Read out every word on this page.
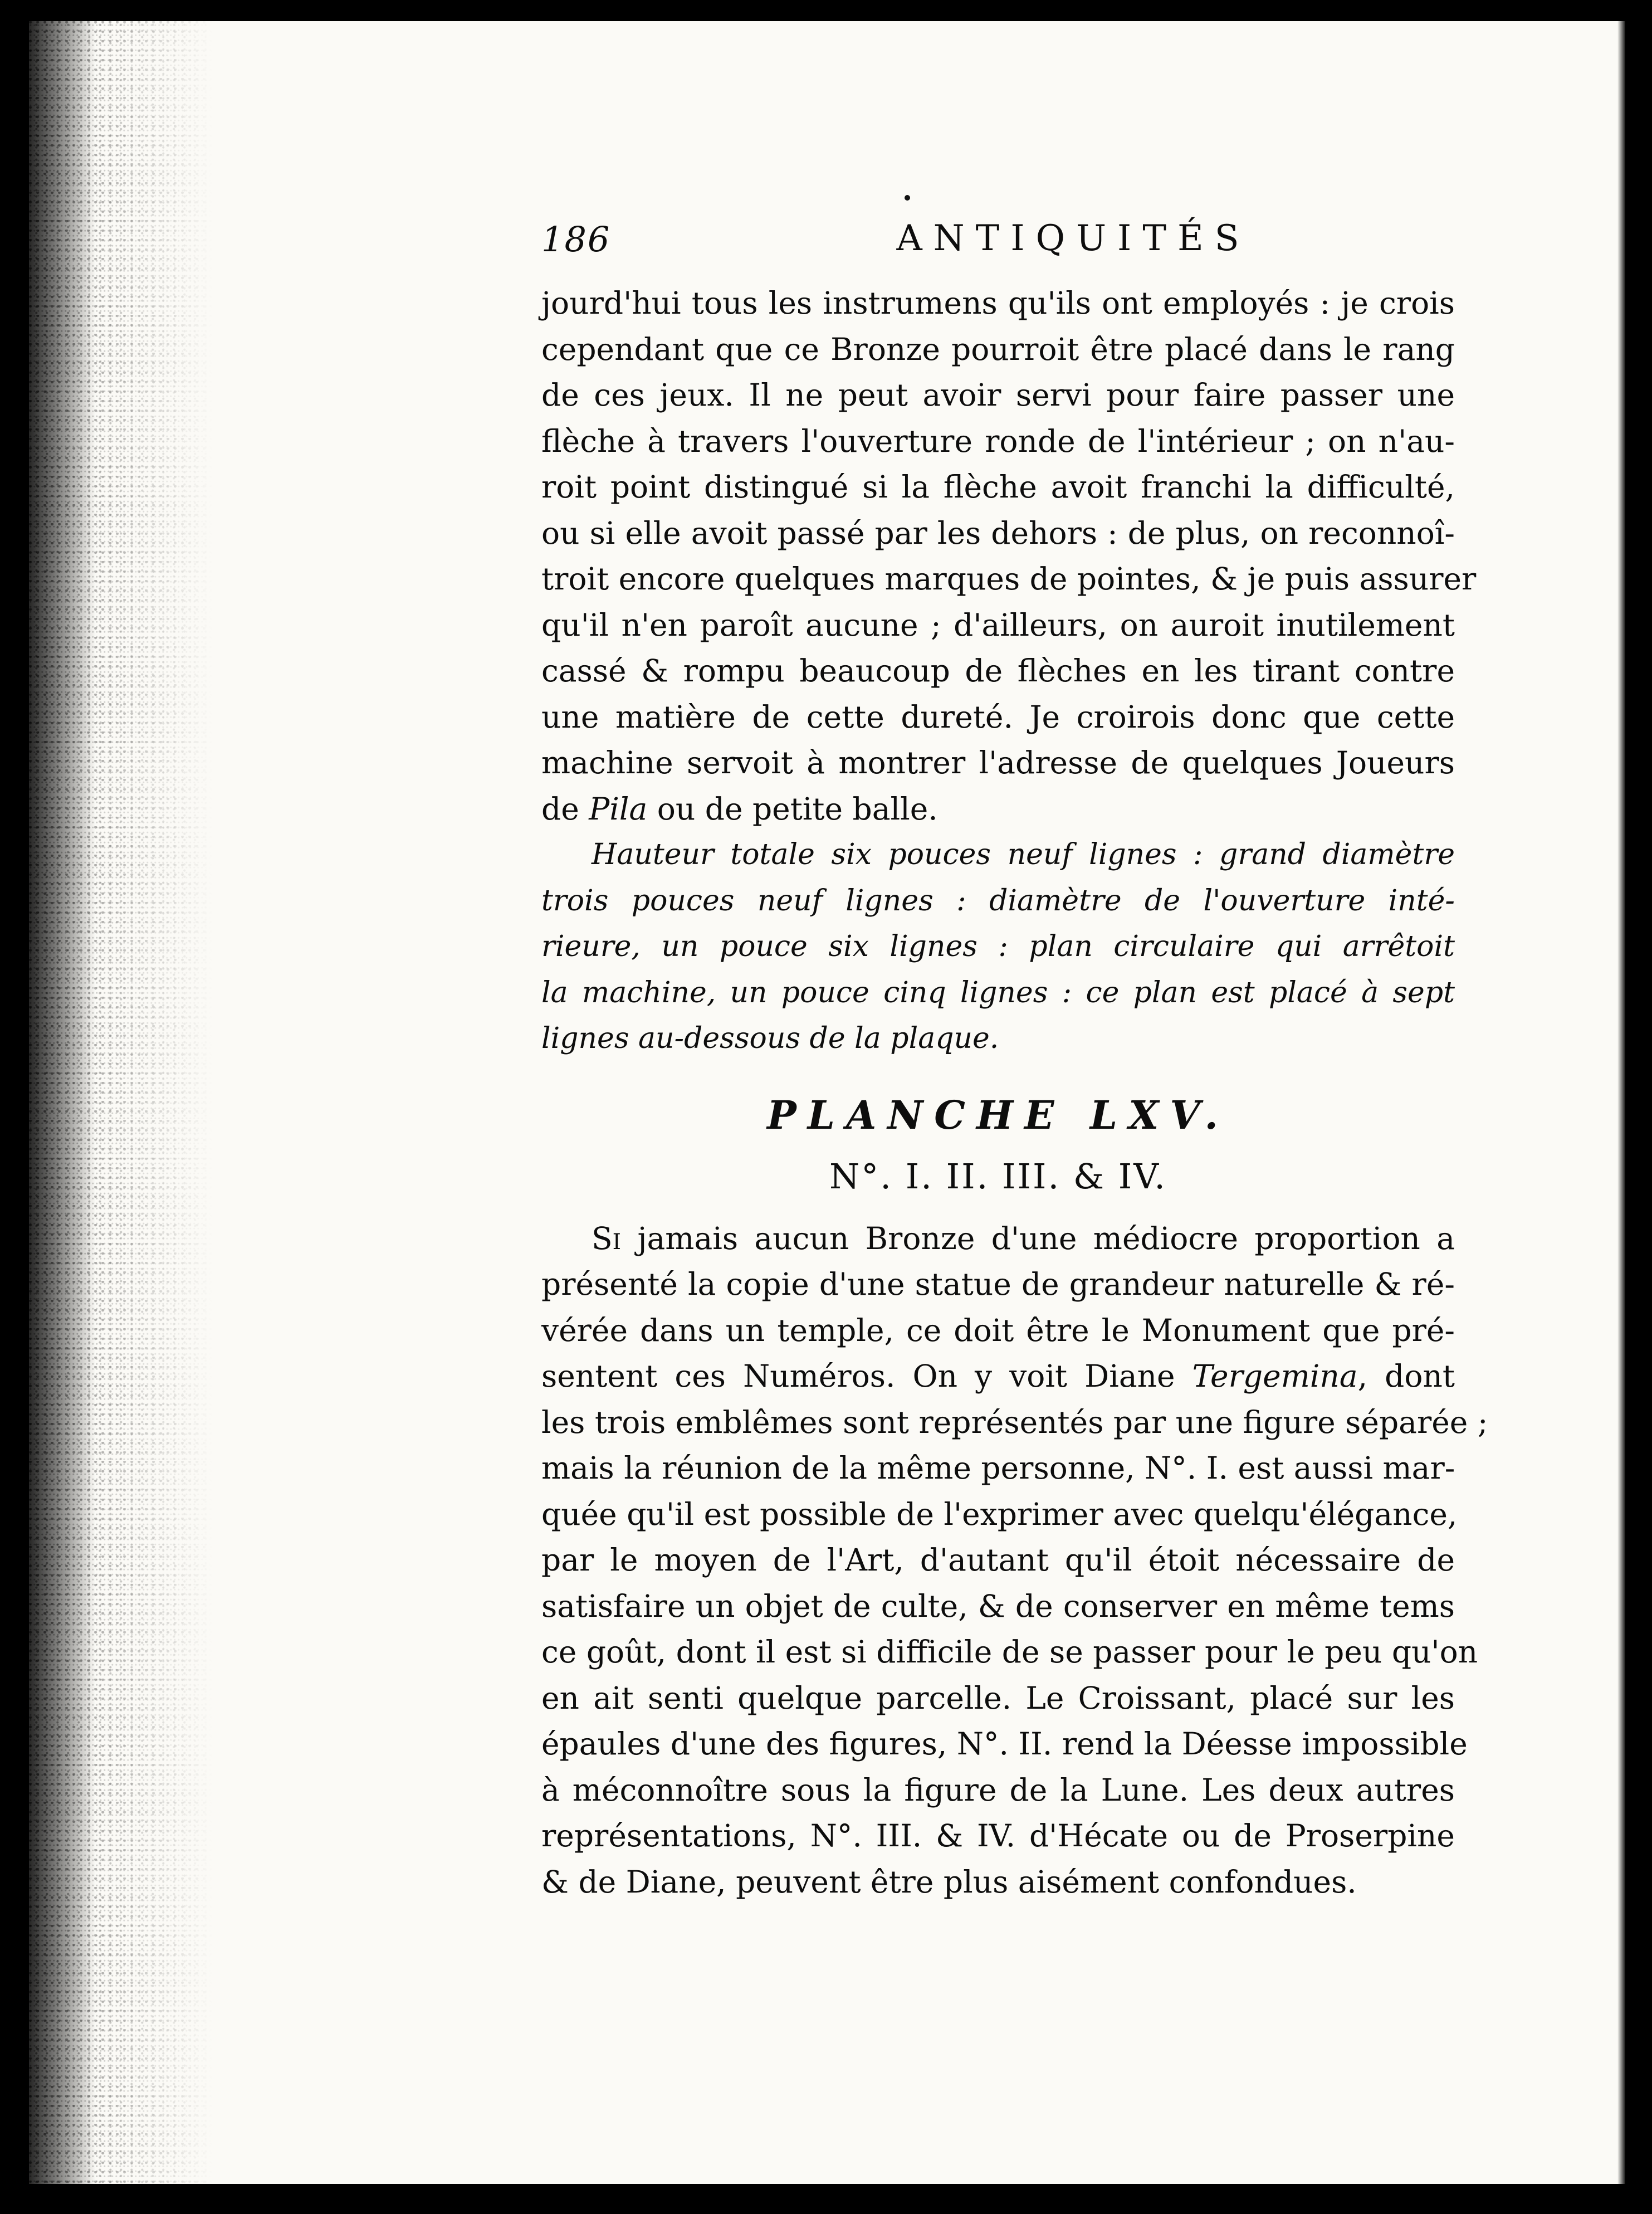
186	ANTIQUITÉS
jourd'hui tous les instrumens qu'ils ont employés : je crois
cependant que ce Bronze pourroit être placé dans le rang
de ces jeux. Il ne peut avoir servi pour faire passer une
flèche à travers l'ouverture ronde de l'intérieur ; on n'au-
roit point distingué si la flèche avoit franchi la difficulté,
ou si elle avoit passé par les dehors : de plus, on reconnoî-
troit encore quelques marques de pointes, & je puis assurer
qu'il n'en paroît aucune ; d'ailleurs, on auroit inutilement
cassé & rompu beaucoup de flèches en les tirant contre
une matière de cette dureté. Je croirois donc que cette
machine servoit à montrer l'adresse de quelques Joueurs
de Pila ou de petite balle.
Hauteur totale six pouces neuf lignes : grand diamètre
trois pouces neuf lignes : diamètre de l'ouverture inté-
rieure, un pouce six lignes : plan circulaire qui arrêtoit
la machine, un pouce cinq lignes : ce plan est placé à sept
lignes au-dessous de la plaque.
PLANCHE LXV.
N°. I. II. III. & IV.
Si jamais aucun Bronze d'une médiocre proportion a
présenté la copie d'une statue de grandeur naturelle & ré-
vérée dans un temple, ce doit être le Monument que pré-
sentent ces Numéros. On y voit Diane Tergemina, dont
les trois emblêmes sont représentés par une figure séparée ;
mais la réunion de la même personne, N°. I. est aussi mar-
quée qu'il est possible de l'exprimer avec quelqu'élégance,
par le moyen de l'Art, d'autant qu'il étoit nécessaire de
satisfaire un objet de culte, & de conserver en même tems
ce goût, dont il est si difficile de se passer pour le peu qu'on
en ait senti quelque parcelle. Le Croissant, placé sur les
épaules d'une des figures, N°. II. rend la Déesse impossible
à méconnoître sous la figure de la Lune. Les deux autres
représentations, N°. III. & IV. d'Hécate ou de Proserpine
& de Diane, peuvent être plus aisément confondues.
